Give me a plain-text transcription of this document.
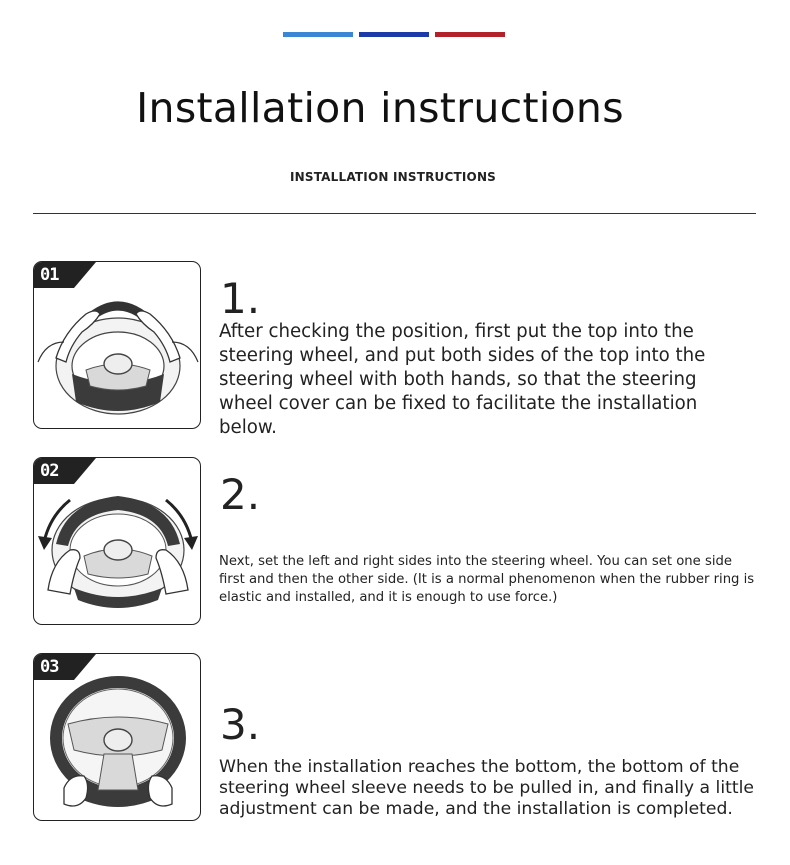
Installation instructions
INSTALLATION INSTRUCTIONS
01	1.
After checking the position, first put the top into the steering wheel, and put both sides of the top into the steering wheel with both hands, so that the steering wheel cover can be fixed to facilitate the installation below.
02	2.
Next, set the left and right sides into the steering wheel. You can set one side first and then the other side. (It is a normal phenomenon when the rubber ring is elastic and installed, and it is enough to use force.)
03
3.
When the installation reaches the bottom, the bottom of the steering wheel sleeve needs to be pulled in, and finally a little adjustment can be made, and the installation is completed.
